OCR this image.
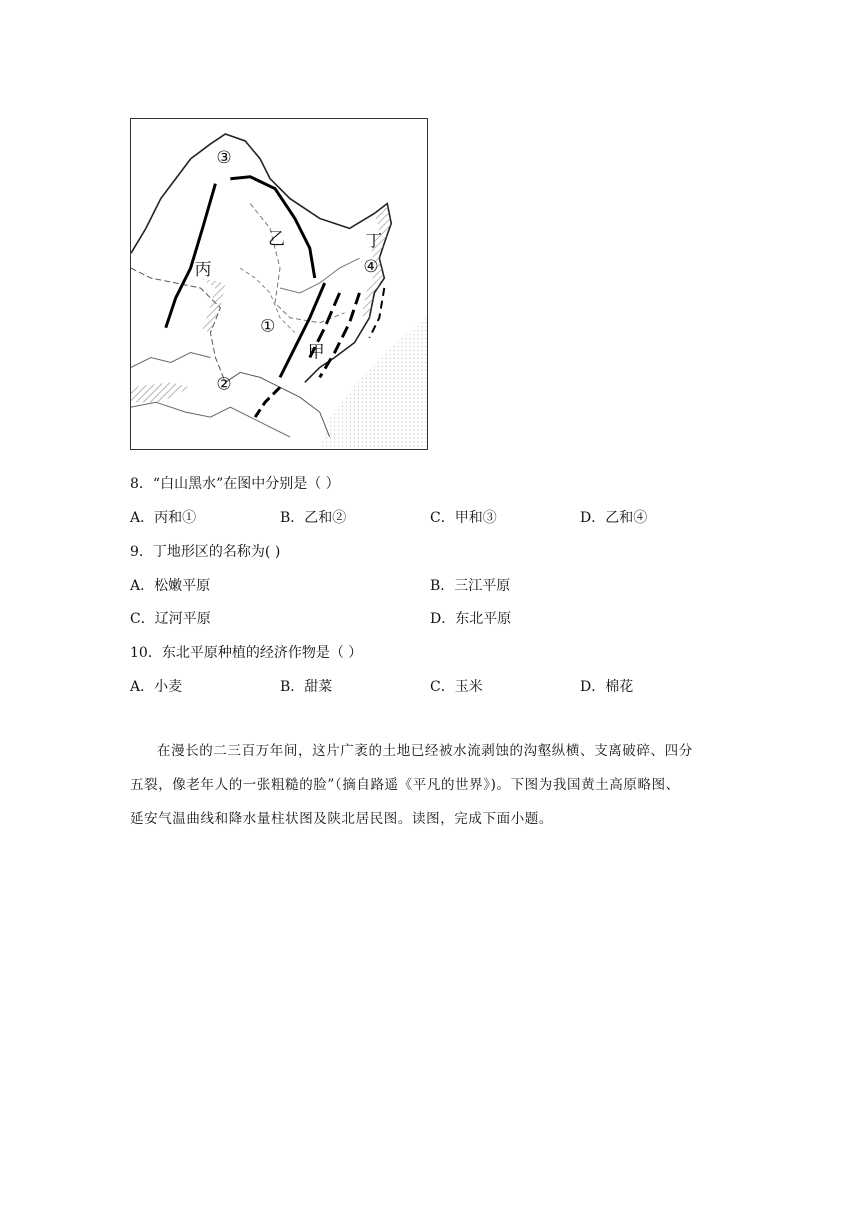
③
乙
丙
丁
④
①
甲
②
8．“白山黑水”在图中分别是（ ）
A．丙和①	B．乙和②	C．甲和③	D．乙和④
9．丁地形区的名称为( )
A．松嫩平原	B．三江平原
C．辽河平原	D．东北平原
10．东北平原种植的经济作物是（ ）
A．小麦	B．甜菜	C．玉米	D．棉花
在漫长的二三百万年间，这片广袤的土地已经被水流剥蚀的沟壑纵横、支离破碎、四分
五裂，像老年人的一张粗糙的脸”（摘自路遥《平凡的世界》)。下图为我国黄土高原略图、
延安气温曲线和降水量柱状图及陕北居民图。读图，完成下面小题。
